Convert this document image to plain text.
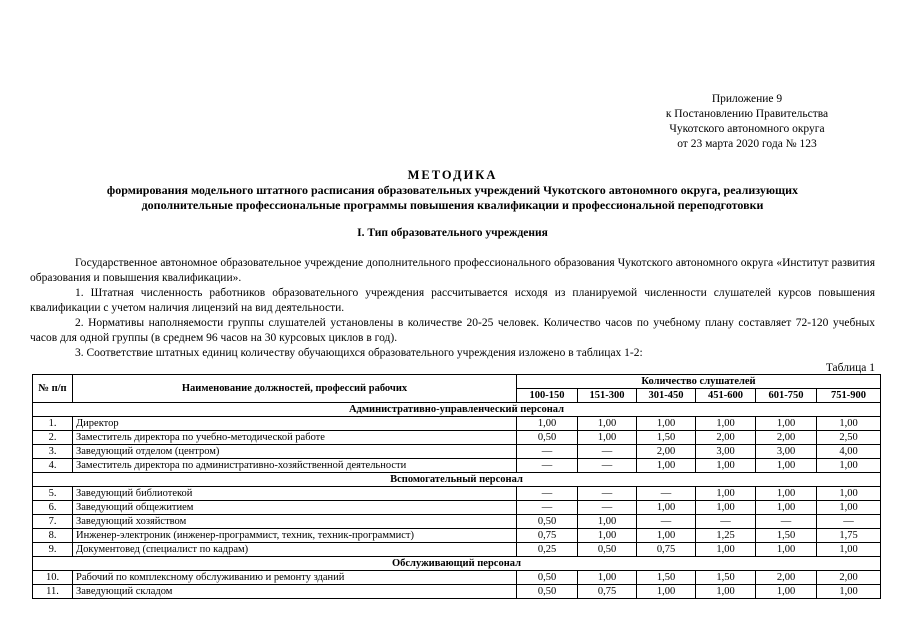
Приложение 9
к Постановлению Правительства
Чукотского автономного округа
от 23 марта 2020 года № 123
МЕТОДИКА
формирования модельного штатного расписания образовательных учреждений Чукотского автономного округа, реализующих
дополнительные профессиональные программы повышения квалификации и профессиональной переподготовки
I. Тип образовательного учреждения

Государственное автономное образовательное учреждение дополнительного профессионального образования Чукотского автономного округа «Институт развития образования и повышения квалификации».

1. Штатная численность работников образовательного учреждения рассчитывается исходя из планируемой численности слушателей курсов повышения квалификации с учетом наличия лицензий на вид деятельности.

2. Нормативы наполняемости группы слушателей установлены в количестве 20-25 человек. Количество часов по учебному плану составляет 72-120 учебных часов для одной группы (в среднем 96 часов на 30 курсовых циклов в год).

3. Соответствие штатных единиц количеству обучающихся образовательного учреждения изложено в таблицах 1-2:

Таблица 1
№ п/п	Наименование должностей, профессий рабочих	Количество слушателей					
		100-150	151-300	301-450	451-600	601-750	751-900
Административно-управленческий персонал							
1.	Директор	1,00	1,00	1,00	1,00	1,00	1,00
2.	Заместитель директора по учебно-методической работе	0,50	1,00	1,50	2,00	2,00	2,50
3.	Заведующий отделом (центром)	—	—	2,00	3,00	3,00	4,00
4.	Заместитель директора по административно-хозяйственной деятельности	—	—	1,00	1,00	1,00	1,00
Вспомогательный персонал							
5.	Заведующий библиотекой	—	—	—	1,00	1,00	1,00
6.	Заведующий общежитием	—	—	1,00	1,00	1,00	1,00
7.	Заведующий хозяйством	0,50	1,00	—	—	—	—
8.	Инженер-электроник (инженер-программист, техник, техник-программист)	0,75	1,00	1,00	1,25	1,50	1,75
9.	Документовед (специалист по кадрам)	0,25	0,50	0,75	1,00	1,00	1,00
Обслуживающий персонал							
10.	Рабочий по комплексному обслуживанию и ремонту зданий	0,50	1,00	1,50	1,50	2,00	2,00
11.	Заведующий складом	0,50	0,75	1,00	1,00	1,00	1,00
